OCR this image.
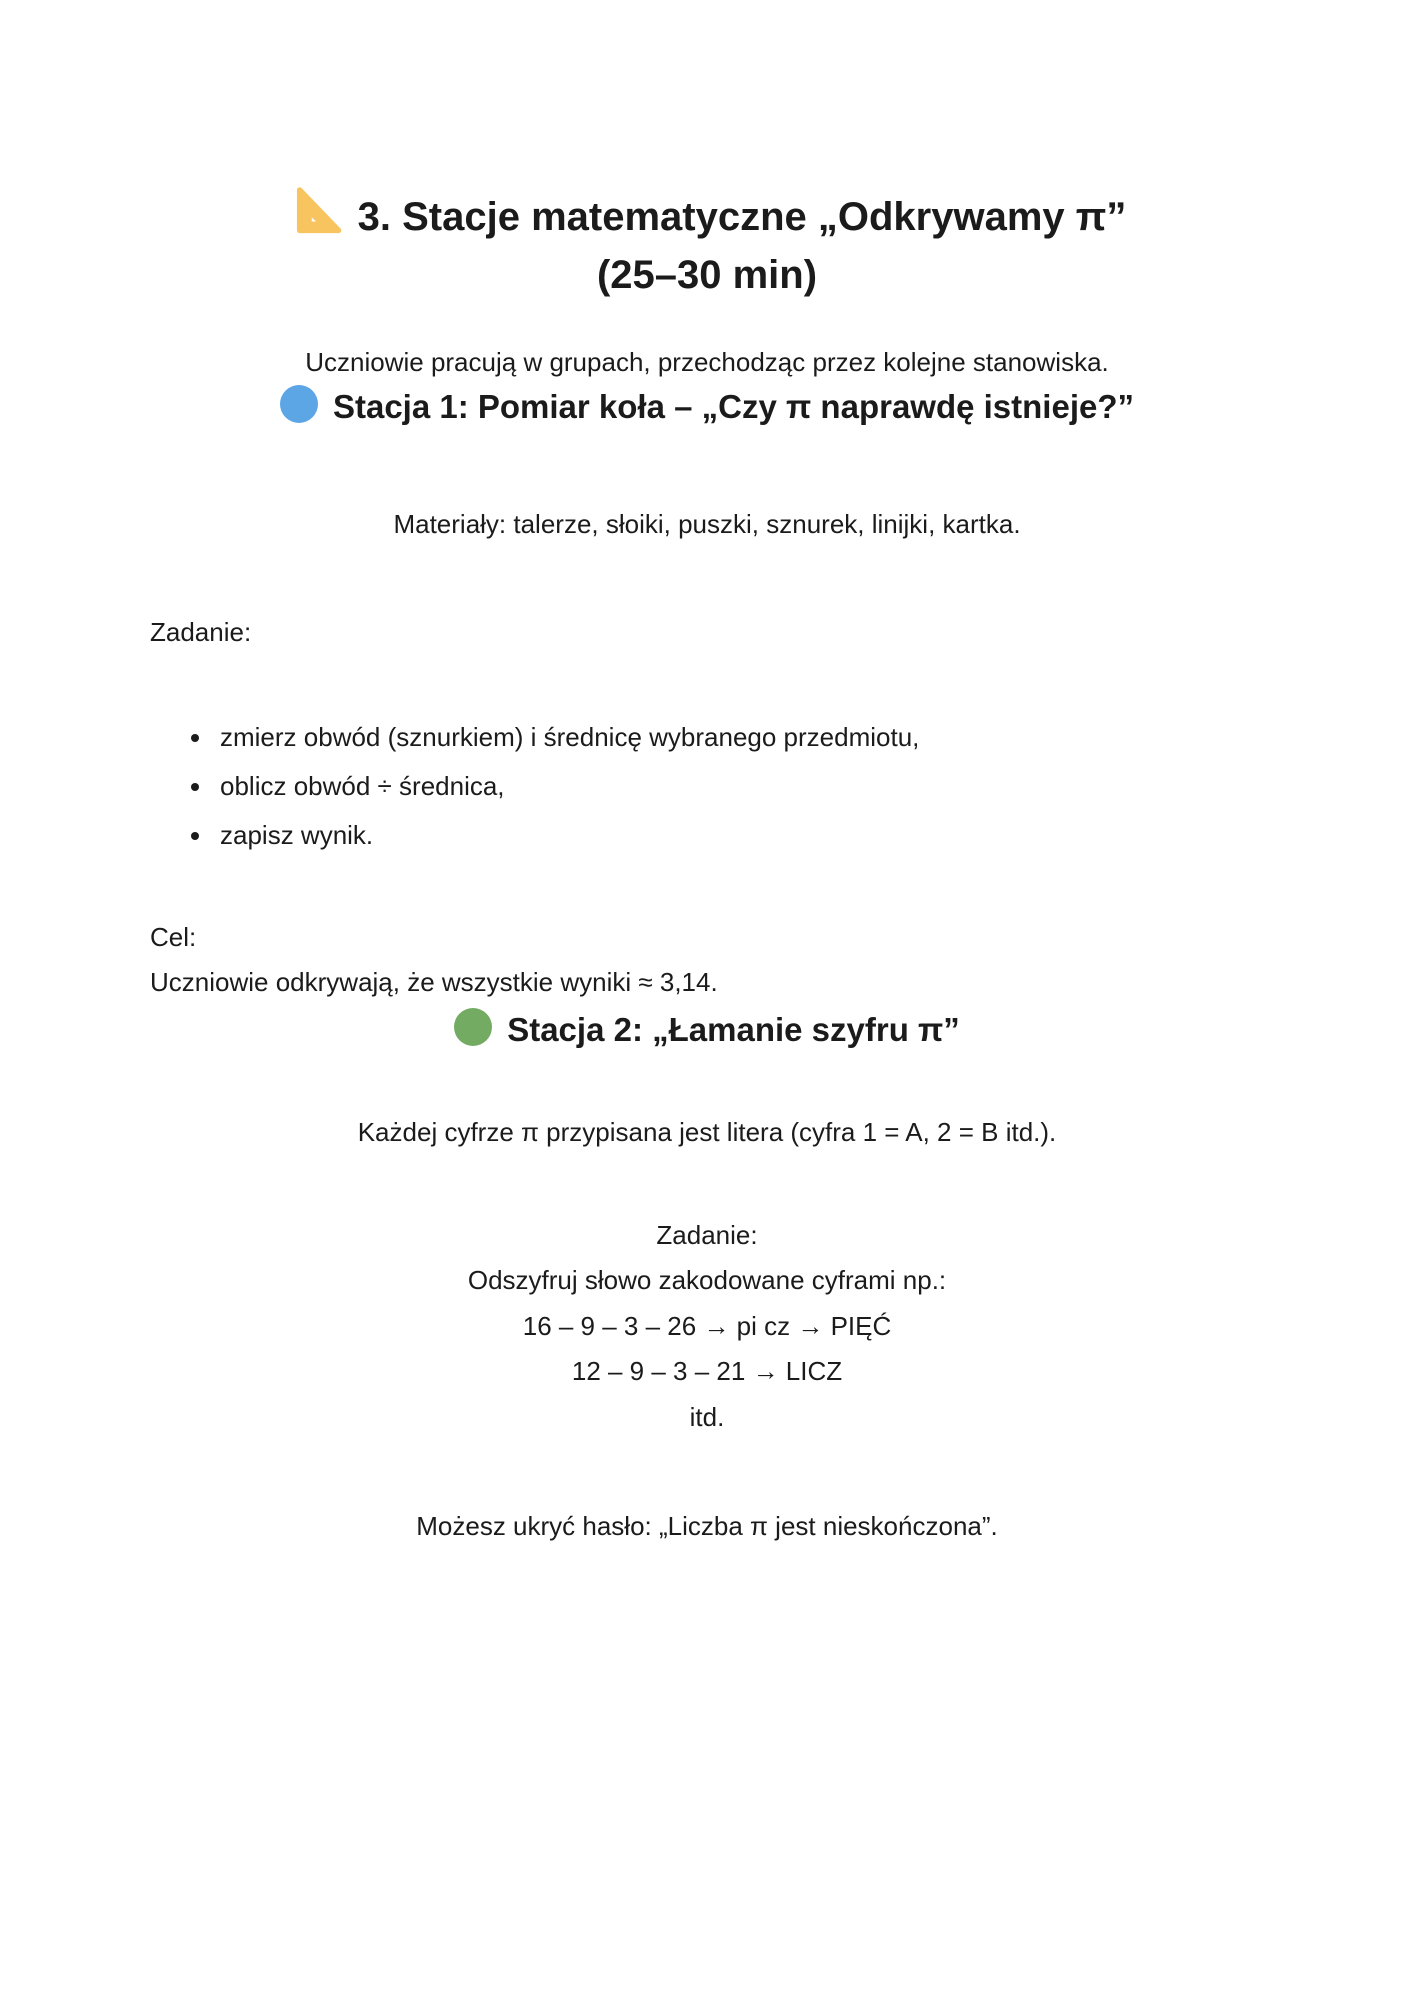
3. Stacje matematyczne „Odkrywamy π”
(25–30 min)

Uczniowie pracują w grupach, przechodząc przez kolejne stanowiska.

Stacja 1: Pomiar koła – „Czy π naprawdę istnieje?”

Materiały: talerze, słoiki, puszki, sznurek, linijki, kartka.

Zadanie:

• zmierz obwód (sznurkiem) i średnicę wybranego przedmiotu,
• oblicz obwód ÷ średnica,
• zapisz wynik.

Cel:

Uczniowie odkrywają, że wszystkie wyniki ≈ 3,14.

Stacja 2: „Łamanie szyfru π”

Każdej cyfrze π przypisana jest litera (cyfra 1 = A, 2 = B itd.).

Zadanie:

Odszyfruj słowo zakodowane cyframi np.:

16 – 9 – 3 – 26 → pi cz → PIĘĆ

12 – 9 – 3 – 21 → LICZ

itd.

Możesz ukryć hasło: „Liczba π jest nieskończona”.
